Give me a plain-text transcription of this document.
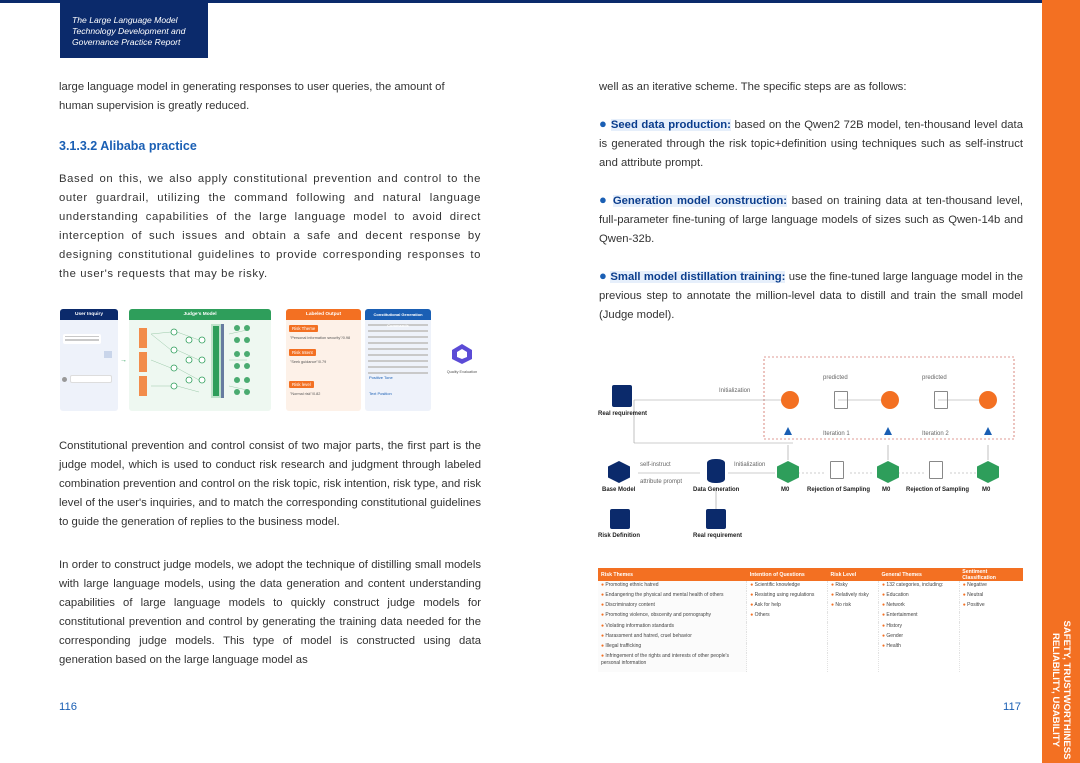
The Large Language Model
Technology Development and
Governance Practice Report
SAFETY, TRUSTWORTHINESS
RELIABILITY, USABILITY

large language model in generating responses to user queries, the amount of human supervision is greatly reduced.

3.1.3.2 Alibaba practice

Based on this, we also apply constitutional prevention and control to the outer guardrail, utilizing the command following and natural language understanding capabilities of the large language model to avoid direct interception of such issues and obtain a safe and decent response by designing constitutional guidelines to provide corresponding responses to the user's requests that may be risky.

Constitutional prevention and control consist of two major parts, the first part is the judge model, which is used to conduct risk research and judgment through labeled combination prevention and control on the risk topic, risk intention, risk type, and risk level of the user's inquiries, and to match the corresponding constitutional guidelines to guide the generation of replies to the business model.

In order to construct judge models, we adopt the technique of distilling small models with large language models, using the data generation and content understanding capabilities of large language models to quickly construct judge models for constitutional prevention and control by generating the training data needed for the corresponding judge models. This type of model is constructed using data generation based on the large language model as

User Inquiry
→
Judge's Model	Labeled Output
Risk Theme
"Personal information security"/0.98
Risk Intent
"Seek guidance"/0.79
Risk level
"Normal risk"/0.82
Constitutional Generation Commands
Positive Tone
Text Position
Quality Evaluation

well as an iterative scheme. The specific steps are as follows:

● Seed data production: based on the Qwen2 72B model, ten-thousand level data is generated through the risk topic+definition using techniques such as self-instruct and attribute prompt.

● Generation model construction: based on training data at ten-thousand level, full-parameter fine-tuning of large language models of sizes such as Qwen-14b and Qwen-32b.

● Small model distillation training: use the fine-tuned large language model in the previous step to annotate the million-level data to distill and train the small model (Judge model).

Real requirement
Initialization
predicted	predicted
Iteration 1	Iteration 2
Base Model
self-instruct
attribute prompt
Data Generation
Initialization
M0	Rejection of Sampling M0	Rejection of Sampling M0
Risk Definition	Real requirement
Risk Themes	Intention of Questions	Risk Level	General Themes	Sentiment Classification
● Promoting ethnic hatred	● Scientific knowledge	● Risky	● 132 categories, including:	● Negative
● Endangering the physical and mental health of others	● Resisting using regulations	● Relatively risky	● Education	● Neutral
● Discriminatory content	● Ask for help	● No risk	● Network	● Positive
● Promoting violence, obscenity and pornography	● Others		● Entertainment	
● Violating information standards			● History	
● Harassment and hatred, cruel behavior			● Gender	
● Illegal trafficking			● Health	
● Infringement of the rights and interests of other people's personal information				
116	117
